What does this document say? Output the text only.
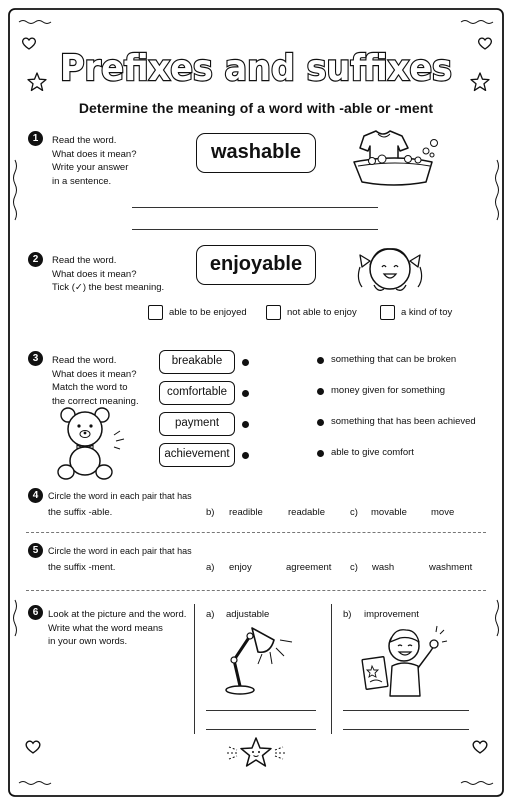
Prefixes and suffixes
Determine the meaning of a word with -able or -ment
1	Read the word.
What does it mean?
Write your answer
in a sentence.
washable
2	Read the word.
What does it mean?
Tick (✓) the best meaning.
enjoyable
able to be enjoyed	not able to enjoy	a kind of toy
3	Read the word.
What does it mean?
Match the word to
the correct meaning.
breakable
comfortable
payment
achievement
something that can be broken
money given for something
something that has been achieved
able to give comfort
4	Circle the word in each pair that has
the suffix -able.	b) readible	readable	c) movable	move
5	Circle the word in each pair that has
the suffix -ment.	a) enjoy	agreement c) wash	washment
6	Look at the picture and the word.
Write what the word means
in your own words.
a) adjustable	b) improvement
